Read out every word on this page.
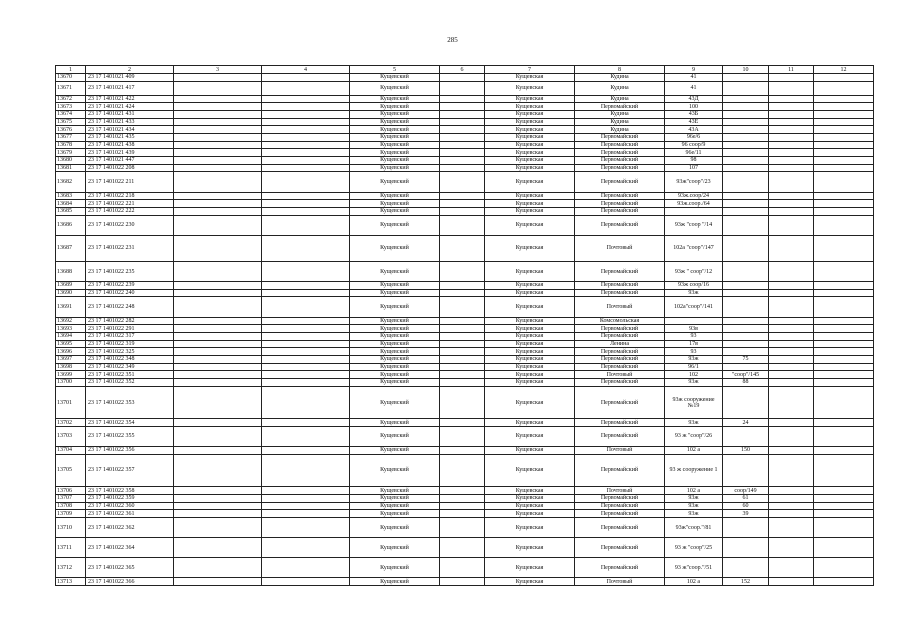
285
1	2	3	4	5	6	7	8	9	10	11	12
13670	23 17 1401021 409			Кущевский		Кущевская	Кудина	41			
13671	23 17 1401021 417			Кущевский		Кущевская	Кудина	41			
13672	23 17 1401021 422			Кущевский		Кущевская	Кудина	43Д			
13673	23 17 1401021 424			Кущевский		Кущевская	Первомайский	100			
13674	23 17 1401021 431			Кущевский		Кущевская	Кудина	43Б			
13675	23 17 1401021 433			Кущевский		Кущевская	Кудина	43Е			
13676	23 17 1401021 434			Кущевский		Кущевская	Кудина	43А			
13677	23 17 1401021 435			Кущевский		Кущевская	Первомайский	96е/6			
13678	23 17 1401021 438			Кущевский		Кущевская	Первомайский	96 соор/9			
13679	23 17 1401021 439			Кущевский		Кущевская	Первомайский	96е/11			
13680	23 17 1401021 447			Кущевский		Кущевская	Первомайский	98			
13681	23 17 1401022 208			Кущевский		Кущевская	Первомайский	107			
13682	23 17 1401022 211			Кущевский		Кущевская	Первомайский	93ж"соор"/23			
13683	23 17 1401022 218			Кущевский		Кущевская	Первомайский	93ж.соор/24			
13684	23 17 1401022 221			Кущевский		Кущевская	Первомайский	93ж.соор./64			
13685	23 17 1401022 222			Кущевский		Кущевская	Первомайский				
13686	23 17 1401022 230			Кущевский		Кущевская	Первомайский	93ж "соор "/14			
13687	23 17 1401022 231			Кущевский		Кущевская	Почтовый	102а "соор"/147			
13688	23 17 1401022 235			Кущевский		Кущевская	Первомайский	93ж " соор"/12			
13689	23 17 1401022 239			Кущевский		Кущевская	Первомайский	93ж соор/16			
13690	23 17 1401022 240			Кущевский		Кущевская	Первомайский	93ж			
13691	23 17 1401022 248			Кущевский		Кущевская	Почтовый	102а"соор"/141			
13692	23 17 1401022 282			Кущевский		Кущевская	Комсомольская				
13693	23 17 1401022 291			Кущевский		Кущевская	Первомайский	93в			
13694	23 17 1401022 317			Кущевский		Кущевская	Первомайский	93			
13695	23 17 1401022 319			Кущевский		Кущевская	Ленина	17в			
13696	23 17 1401022 325			Кущевский		Кущевская	Первомайский	93			
13697	23 17 1401022 348			Кущевский		Кущевская	Первомайский	93ж	75		
13698	23 17 1401022 349			Кущевский		Кущевская	Первомайский	96/1			
13699	23 17 1401022 351			Кущевский		Кущевская	Почтовый	102	"соор"/145		
13700	23 17 1401022 352			Кущевский		Кущевская	Первомайский	93ж	88		
13701	23 17 1401022 353			Кущевский		Кущевская	Первомайский	93ж сооружение №19			
13702	23 17 1401022 354			Кущевский		Кущевская	Первомайский	93ж	24		
13703	23 17 1401022 355			Кущевский		Кущевская	Первомайский	93 ж "соор"/26			
13704	23 17 1401022 356			Кущевский		Кущевская	Почтовый	102 а	150		
13705	23 17 1401022 357			Кущевский		Кущевская	Первомайский	93 ж сооружение 1			
13706	23 17 1401022 358			Кущевский		Кущевская	Почтовый	102 а	соор/149		
13707	23 17 1401022 359			Кущевский		Кущевская	Первомайский	93ж	61		
13708	23 17 1401022 360			Кущевский		Кущевская	Первомайский	93ж	60		
13709	23 17 1401022 361			Кущевский		Кущевская	Первомайский	93ж	39		
13710	23 17 1401022 362			Кущевский		Кущевская	Первомайский	93ж"соор."/81			
13711	23 17 1401022 364			Кущевский		Кущевская	Первомайский	93 ж "соор"/25			
13712	23 17 1401022 365			Кущевский		Кущевская	Первомайский	93 ж"соор."/51			
13713	23 17 1401022 366			Кущевский		Кущевская	Почтовый	102 а	152		
